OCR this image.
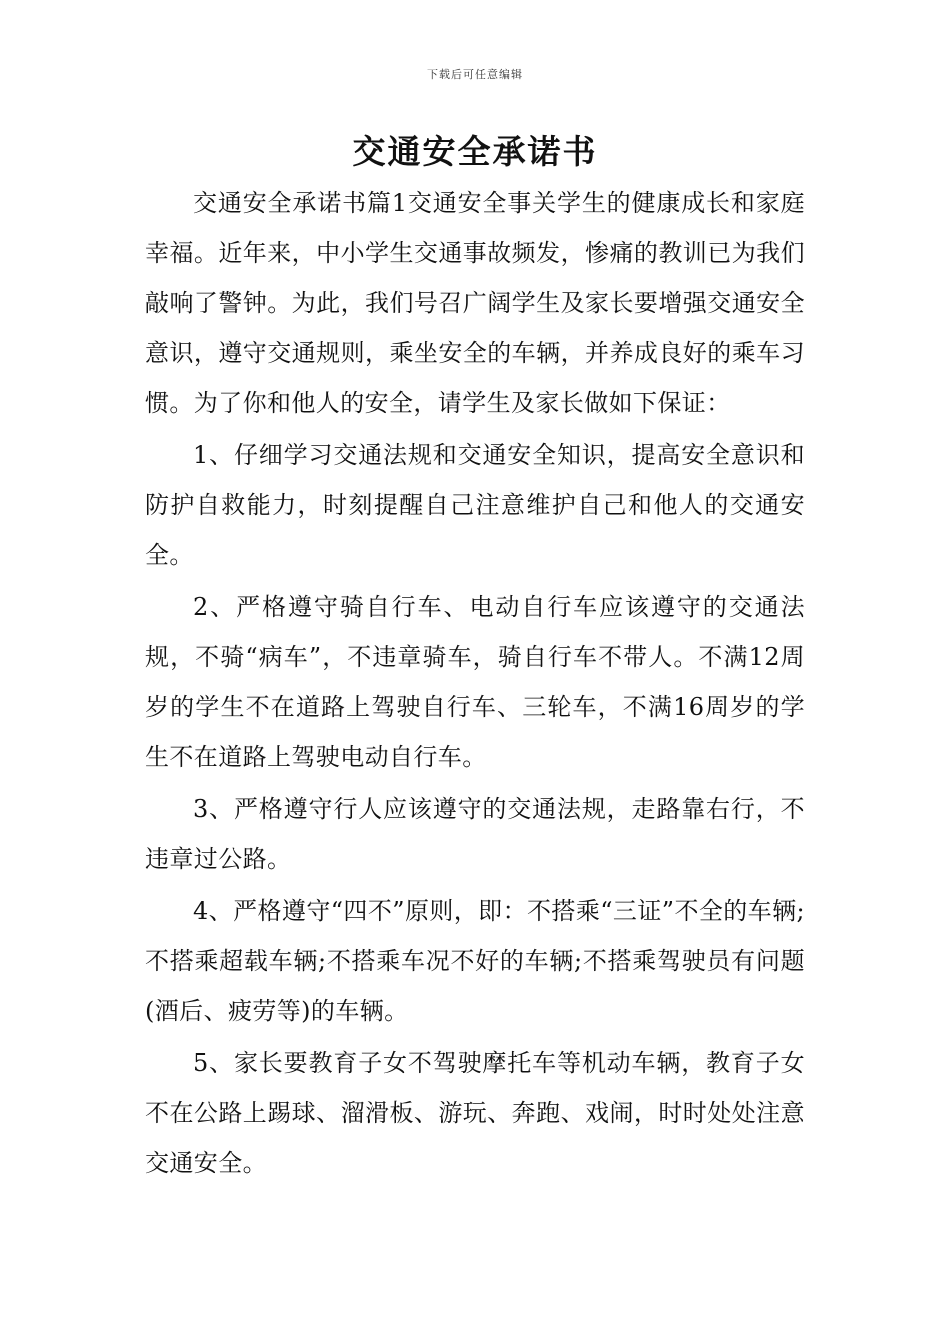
下载后可任意编辑
交通安全承诺书

交通安全承诺书篇1交通安全事关学生的健康成长和家庭幸福。近年来，中小学生交通事故频发，惨痛的教训已为我们敲响了警钟。为此，我们号召广阔学生及家长要增强交通安全意识，遵守交通规则，乘坐安全的车辆，并养成良好的乘车习惯。为了你和他人的安全，请学生及家长做如下保证：

1、仔细学习交通法规和交通安全知识，提高安全意识和防护自救能力，时刻提醒自己注意维护自己和他人的交通安全。

2、严格遵守骑自行车、电动自行车应该遵守的交通法规，不骑“病车”，不违章骑车，骑自行车不带人。不满12周岁的学生不在道路上驾驶自行车、三轮车，不满16周岁的学生不在道路上驾驶电动自行车。

3、严格遵守行人应该遵守的交通法规，走路靠右行，不违章过公路。

4、严格遵守“四不”原则，即：不搭乘“三证”不全的车辆;不搭乘超载车辆;不搭乘车况不好的车辆;不搭乘驾驶员有问题(酒后、疲劳等)的车辆。

5、家长要教育子女不驾驶摩托车等机动车辆，教育子女不在公路上踢球、溜滑板、游玩、奔跑、戏闹，时时处处注意交通安全。
